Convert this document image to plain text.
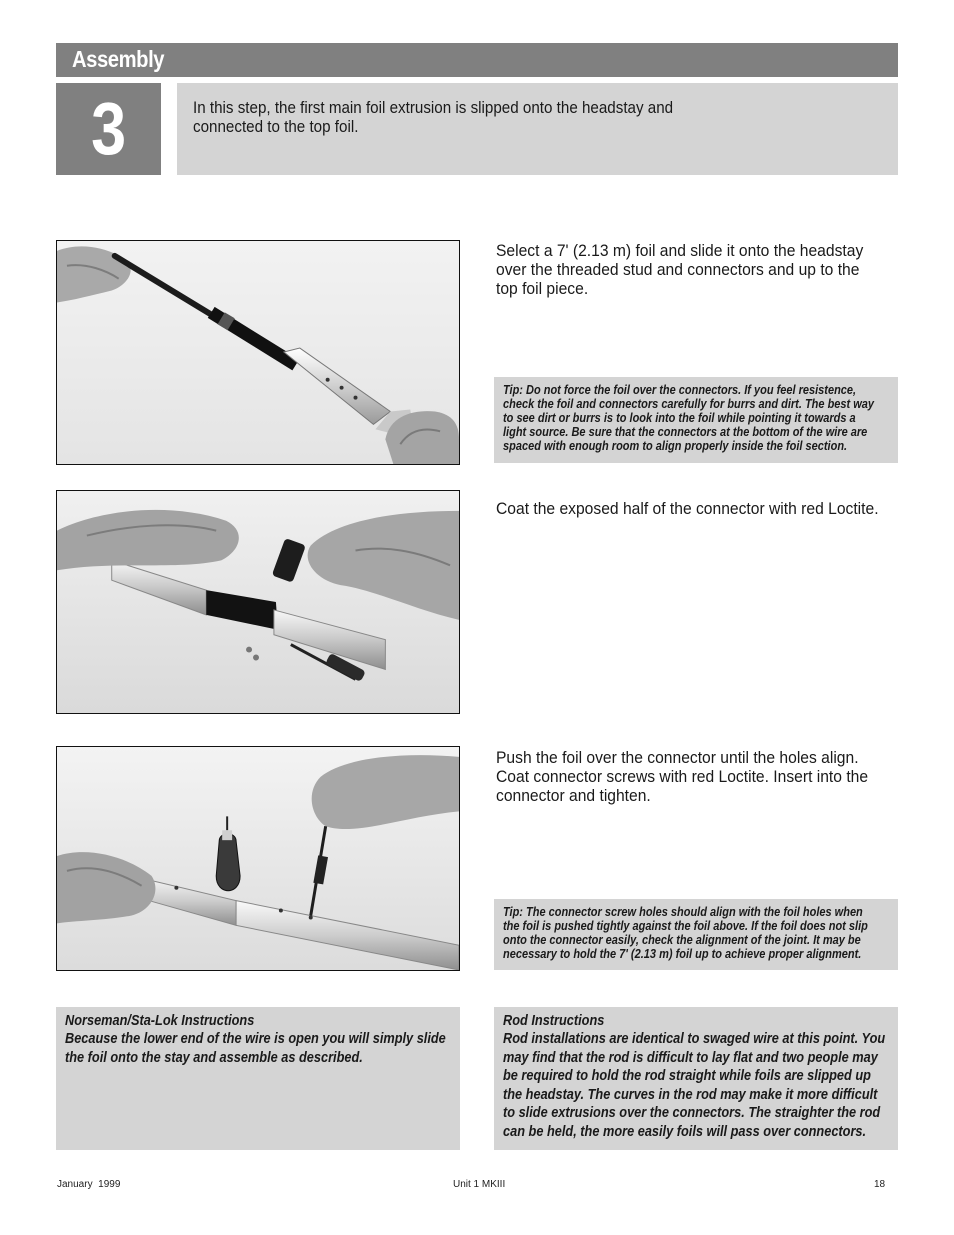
Assembly
3	In this step, the first main foil extrusion is slipped onto the headstay and connected to the top foil.
Select a 7' (2.13 m) foil and slide it onto the headstay over the threaded stud and connectors and up to the top foil piece.
Tip: Do not force the foil over the connectors. If you feel resistence, check the foil and connectors carefully for burrs and dirt. The best way to see dirt or burrs is to look into the foil while pointing it towards a light source. Be sure that the connectors at the bottom of the wire are spaced with enough room to align properly inside the foil section.
Coat the exposed half of the connector with red Loctite.
Push the foil over the connector until the holes align. Coat connector screws with red Loctite. Insert into the connector and tighten.
Tip: The connector screw holes should align with the foil holes when the foil is pushed tightly against the foil above. If the foil does not slip onto the connector easily, check the alignment of the joint. It may be necessary to hold the 7' (2.13 m) foil up to achieve proper alignment.
Norseman/Sta-Lok Instructions
Because the lower end of the wire is open you will simply slide the foil onto the stay and assemble as described.
Rod Instructions
Rod installations are identical to swaged wire at this point. You may find that the rod is difficult to lay flat and two people may be required to hold the rod straight while foils are slipped up the headstay. The curves in the rod may make it more difficult to slide extrusions over the connectors. The straighter the rod can be held, the more easily foils will pass over connectors.
January  1999	Unit 1 MKIII	18
